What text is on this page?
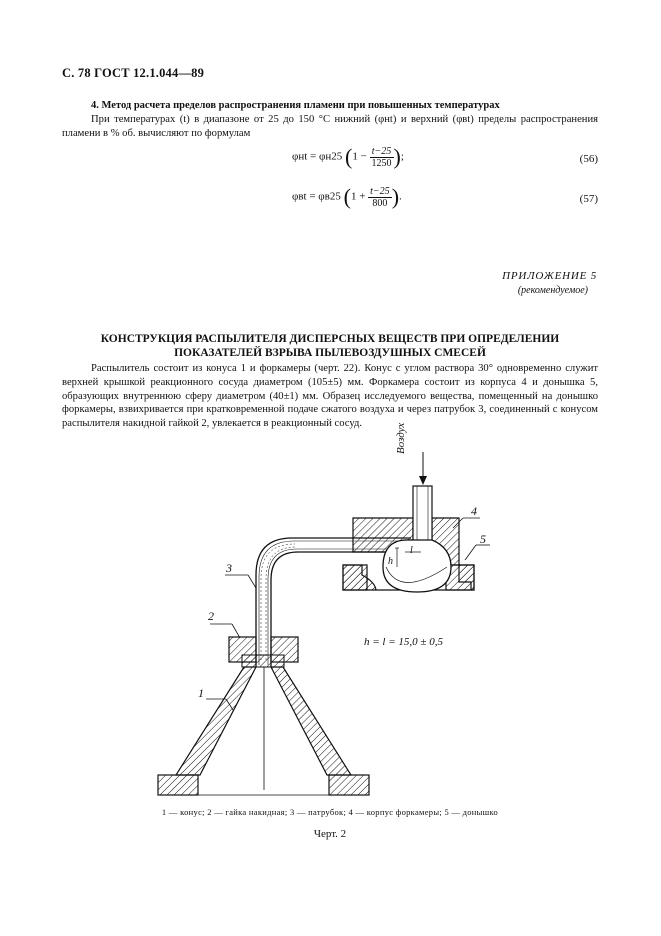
С. 78 ГОСТ 12.1.044—89
4. Метод расчета пределов распространения пламени при повышенных температурах
При температурах (t) в диапазоне от 25 до 150 °С нижний (φнt) и верхний (φвt) пределы распространения пламени в % об. вычисляют по формулам
φнt = φн25 ($1 - \frac{t-25}{1250}$ );	(56)
φвt = φв25 ($1 + \frac{t-25}{800}$ ).	(57)
ПРИЛОЖЕНИЕ 5
(рекомендуемое)
КОНСТРУКЦИЯ РАСПЫЛИТЕЛЯ ДИСПЕРСНЫХ ВЕЩЕСТВ ПРИ ОПРЕДЕЛЕНИИ ПОКАЗАТЕЛЕЙ ВЗРЫВА ПЫЛЕВОЗДУШНЫХ СМЕСЕЙ
Распылитель состоит из конуса 1 и форкамеры (черт. 22). Конус с углом раствора 30° одновременно служит верхней крышкой реакционного сосуда диаметром (105±5) мм. Форкамера состоит из корпуса 4 и донышка 5, образующих внутреннюю сферу диаметром (40±1) мм. Образец исследуемого вещества, помещенный на донышко форкамеры, взвихривается при кратковременной подаче сжатого воздуха и через патрубок 3, соединенный с конусом распылителя накидной гайкой 2, увлекается в реакционный сосуд.	Воздух
h
l
h = l = 15,0 ± 0,5
1
2
3
4
5
1 — конус; 2 — гайка накидная; 3 — патрубок; 4 — корпус форкамеры; 5 — донышко
Черт. 2
